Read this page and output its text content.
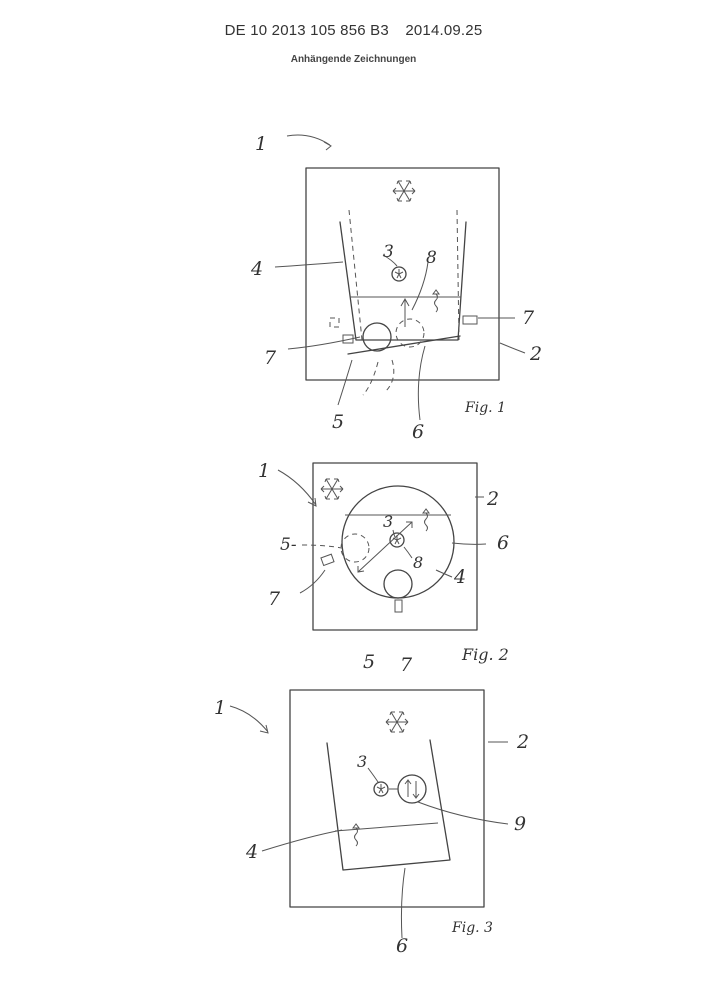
DE 10 2013 105 856 B3 2014.09.25
Anhängende Zeichnungen
1
4
3 8
7
7	2
5	6
Fig. 1
1
2
3
6
5-
8
4
7
5 7	Fig. 2
1
2
3
9
4
6
Fig. 3
